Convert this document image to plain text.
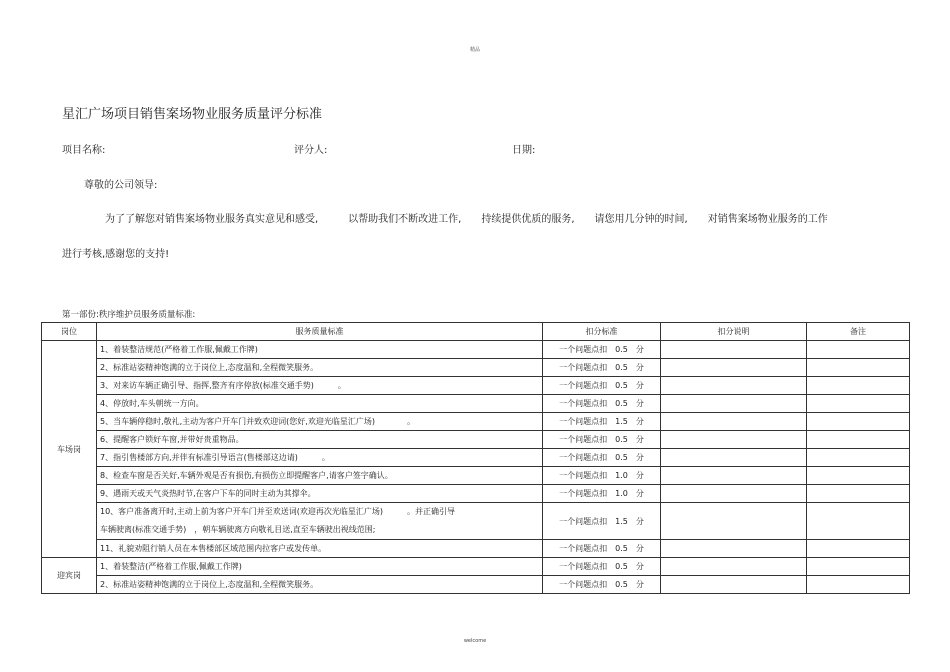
精品
星汇广场项目销售案场物业服务质量评分标准
项目名称:	评分人:	日期:
尊敬的公司领导:
为了了解您对销售案场物业服务真实意见和感受,　　　以帮助我们不断改进工作,　　持续提供优质的服务,　　请您用几分钟的时间,　　对销售案场物业服务的工作
进行考核,感谢您的支持!
第一部份:秩序维护员服务质量标准:
岗位	服务质量标准	扣分标准	扣分说明	备注
车场岗	1、着装整洁规范(严格着工作服,佩戴工作牌)	一个问题点扣　0.5　分		
	2、标准站姿精神饱满的立于岗位上,态度温和,全程微笑服务。	一个问题点扣　0.5　分		
	3、对来访车辆正确引导、指挥,整齐有序停放(标准交通手势)　　　。	一个问题点扣　0.5　分		
	4、停放时,车头朝统一方向。	一个问题点扣　0.5　分		
	5、当车辆停稳时,敬礼,主动为客户开车门并致欢迎词(您好,欢迎光临星汇广场)　　　　。	一个问题点扣　1.5　分		
	6、提醒客户锁好车窗,并带好贵重物品。	一个问题点扣　0.5　分		
	7、指引售楼部方向,并伴有标准引导语言(售楼部这边请)　　　。	一个问题点扣　0.5　分		
	8、检查车窗是否关好,车辆外观是否有损伤,有损伤立即提醒客户,请客户签字确认。	一个问题点扣　1.0　分		
	9、遇雨天或天气炎热时节,在客户下车的同时主动为其撑伞。	一个问题点扣　1.0　分		

	10、客户准备离开时,主动上前为客户开车门并至欢送词(欢迎再次光临星汇广场)　　　。并正确引导
车辆驶离(标准交通手势)　，朝车辆驶离方向敬礼目送,直至车辆驶出视线范围;	一个问题点扣　1.5　分		
	11、礼貌劝阻行销人员在本售楼部区域范围内拉客户或发传单。	一个问题点扣　0.5　分		
迎宾岗	1、着装整洁(严格着工作服,佩戴工作牌)	一个问题点扣　0.5　分		
	2、标准站姿精神饱满的立于岗位上,态度温和,全程微笑服务。	一个问题点扣　0.5　分		
welcome
